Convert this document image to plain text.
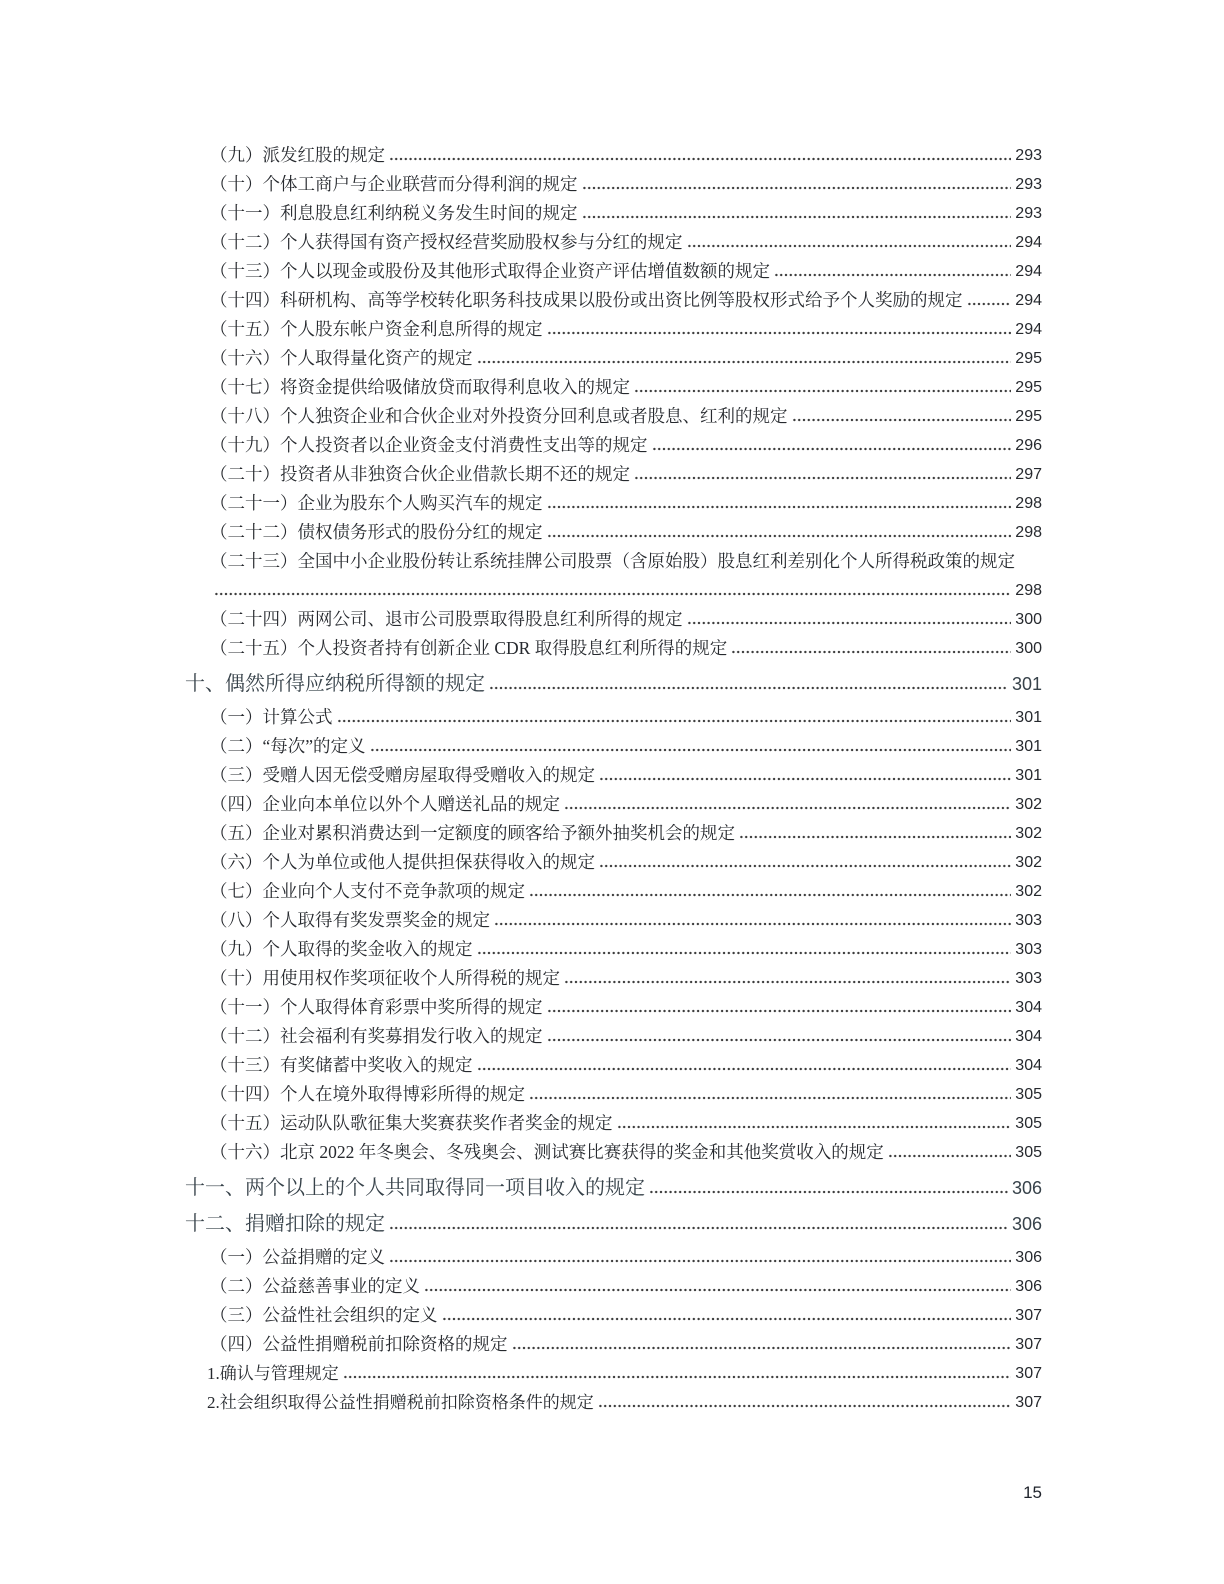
（九）派发红股的规定	293
（十）个体工商户与企业联营而分得利润的规定	293
（十一）利息股息红利纳税义务发生时间的规定	293
（十二）个人获得国有资产授权经营奖励股权参与分红的规定	294
（十三）个人以现金或股份及其他形式取得企业资产评估增值数额的规定	294
（十四）科研机构、高等学校转化职务科技成果以股份或出资比例等股权形式给予个人奖励的规定	294
（十五）个人股东帐户资金利息所得的规定	294
（十六）个人取得量化资产的规定	295
（十七）将资金提供给吸储放贷而取得利息收入的规定	295
（十八）个人独资企业和合伙企业对外投资分回利息或者股息、红利的规定	295
（十九）个人投资者以企业资金支付消费性支出等的规定	296
（二十）投资者从非独资合伙企业借款长期不还的规定	297
（二十一）企业为股东个人购买汽车的规定	298
（二十二）债权债务形式的股份分红的规定	298
（二十三）全国中小企业股份转让系统挂牌公司股票（含原始股）股息红利差别化个人所得税政策的规定
298
（二十四）两网公司、退市公司股票取得股息红利所得的规定	300
（二十五）个人投资者持有创新企业 CDR 取得股息红利所得的规定	300
十、偶然所得应纳税所得额的规定	301
（一）计算公式	301
（二）“每次”的定义	301
（三）受赠人因无偿受赠房屋取得受赠收入的规定	301
（四）企业向本单位以外个人赠送礼品的规定	302
（五）企业对累积消费达到一定额度的顾客给予额外抽奖机会的规定	302
（六）个人为单位或他人提供担保获得收入的规定	302
（七）企业向个人支付不竞争款项的规定	302
（八）个人取得有奖发票奖金的规定	303
（九）个人取得的奖金收入的规定	303
（十）用使用权作奖项征收个人所得税的规定	303
（十一）个人取得体育彩票中奖所得的规定	304
（十二）社会福利有奖募捐发行收入的规定	304
（十三）有奖储蓄中奖收入的规定	304
（十四）个人在境外取得博彩所得的规定	305
（十五）运动队队歌征集大奖赛获奖作者奖金的规定	305
（十六）北京 2022 年冬奥会、冬残奥会、测试赛比赛获得的奖金和其他奖赏收入的规定	305
十一、两个以上的个人共同取得同一项目收入的规定	306
十二、捐赠扣除的规定	306
（一）公益捐赠的定义	306
（二）公益慈善事业的定义	306
（三）公益性社会组织的定义	307
（四）公益性捐赠税前扣除资格的规定	307
1.确认与管理规定	307
2.社会组织取得公益性捐赠税前扣除资格条件的规定	307
15
